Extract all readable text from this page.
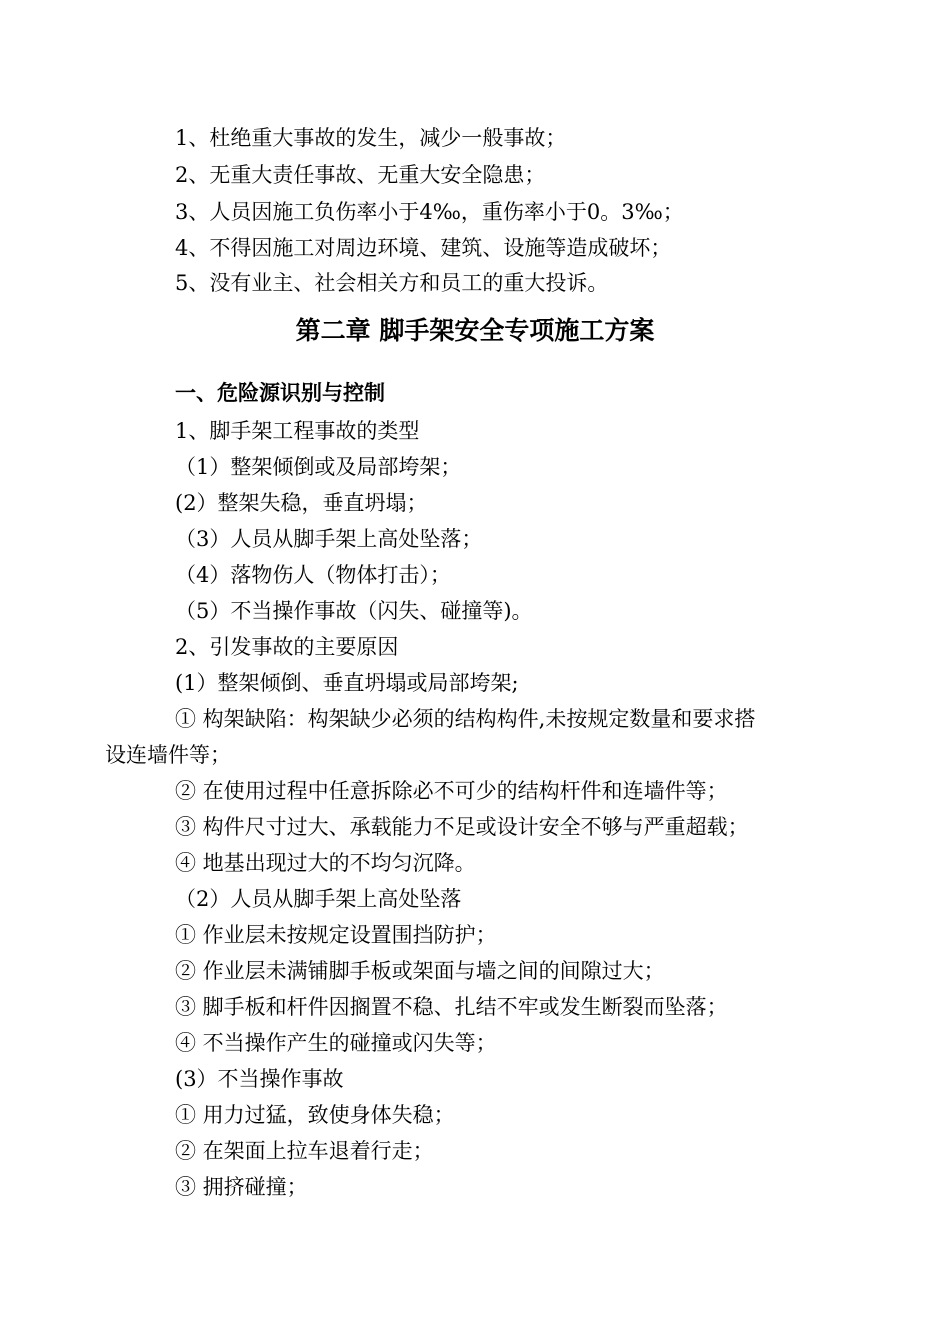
1、杜绝重大事故的发生，减少一般事故；
2、无重大责任事故、无重大安全隐患；
3、人员因施工负伤率小于4‰，重伤率小于0。3‰；
4、不得因施工对周边环境、建筑、设施等造成破坏；
5、没有业主、社会相关方和员工的重大投诉。
第二章 脚手架安全专项施工方案
一、危险源识别与控制
1、脚手架工程事故的类型
（1）整架倾倒或及局部垮架；
(2）整架失稳，垂直坍塌；
（3）人员从脚手架上高处坠落；
（4）落物伤人（物体打击）；
（5）不当操作事故（闪失、碰撞等)。
2、引发事故的主要原因
(1）整架倾倒、垂直坍塌或局部垮架;
① 构架缺陷：构架缺少必须的结构构件,未按规定数量和要求搭
设连墙件等；
② 在使用过程中任意拆除必不可少的结构杆件和连墙件等；
③ 构件尺寸过大、承载能力不足或设计安全不够与严重超载；
④ 地基出现过大的不均匀沉降。
（2）人员从脚手架上高处坠落
① 作业层未按规定设置围挡防护；
② 作业层未满铺脚手板或架面与墙之间的间隙过大；
③ 脚手板和杆件因搁置不稳、扎结不牢或发生断裂而坠落；
④ 不当操作产生的碰撞或闪失等；
(3）不当操作事故
① 用力过猛，致使身体失稳；
② 在架面上拉车退着行走；
③ 拥挤碰撞；
